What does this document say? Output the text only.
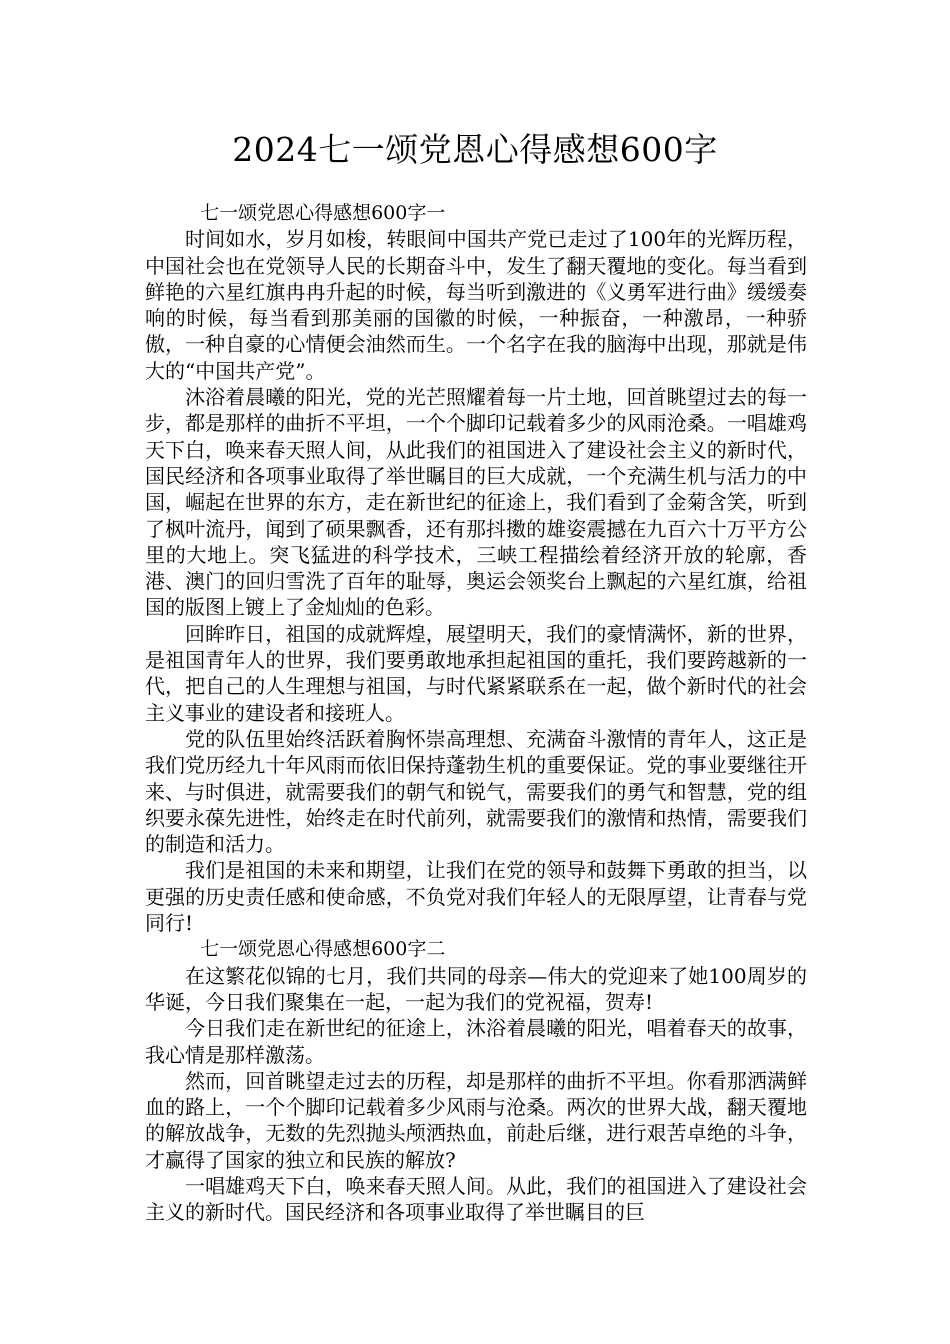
2024七一颂党恩心得感想600字

七一颂党恩心得感想600字一

时间如水，岁月如梭，转眼间中国共产党已走过了100年的光辉历程，中国社会也在党领导人民的长期奋斗中，发生了翻天覆地的变化。每当看到鲜艳的六星红旗冉冉升起的时候，每当听到激进的《义勇军进行曲》缓缓奏响的时候，每当看到那美丽的国徽的时候，一种振奋，一种激昂，一种骄傲，一种自豪的心情便会油然而生。一个名字在我的脑海中出现，那就是伟大的“中国共产党”。

沐浴着晨曦的阳光，党的光芒照耀着每一片土地，回首眺望过去的每一步，都是那样的曲折不平坦，一个个脚印记载着多少的风雨沧桑。一唱雄鸡天下白，唤来春天照人间，从此我们的祖国进入了建设社会主义的新时代，国民经济和各项事业取得了举世瞩目的巨大成就，一个充满生机与活力的中国，崛起在世界的东方，走在新世纪的征途上，我们看到了金菊含笑，听到了枫叶流丹，闻到了硕果飘香，还有那抖擞的雄姿震撼在九百六十万平方公里的大地上。突飞猛进的科学技术，三峡工程描绘着经济开放的轮廓，香港、澳门的回归雪洗了百年的耻辱，奥运会领奖台上飘起的六星红旗，给祖国的版图上镀上了金灿灿的色彩。

回眸昨日，祖国的成就辉煌，展望明天，我们的豪情满怀，新的世界，是祖国青年人的世界，我们要勇敢地承担起祖国的重托，我们要跨越新的一代，把自己的人生理想与祖国，与时代紧紧联系在一起，做个新时代的社会主义事业的建设者和接班人。

党的队伍里始终活跃着胸怀崇高理想、充满奋斗激情的青年人，这正是我们党历经九十年风雨而依旧保持蓬勃生机的重要保证。党的事业要继往开来、与时俱进，就需要我们的朝气和锐气，需要我们的勇气和智慧，党的组织要永葆先进性，始终走在时代前列，就需要我们的激情和热情，需要我们的制造和活力。

我们是祖国的未来和期望，让我们在党的领导和鼓舞下勇敢的担当，以更强的历史责任感和使命感，不负党对我们年轻人的无限厚望，让青春与党同行!

七一颂党恩心得感想600字二

在这繁花似锦的七月，我们共同的母亲—伟大的党迎来了她100周岁的华诞，今日我们聚集在一起，一起为我们的党祝福，贺寿!

今日我们走在新世纪的征途上，沐浴着晨曦的阳光，唱着春天的故事，我心情是那样激荡。

然而，回首眺望走过去的历程，却是那样的曲折不平坦。你看那洒满鲜血的路上，一个个脚印记载着多少风雨与沧桑。两次的世界大战，翻天覆地的解放战争，无数的先烈抛头颅洒热血，前赴后继，进行艰苦卓绝的斗争，才赢得了国家的独立和民族的解放?

一唱雄鸡天下白，唤来春天照人间。从此，我们的祖国进入了建设社会主义的新时代。国民经济和各项事业取得了举世瞩目的巨
